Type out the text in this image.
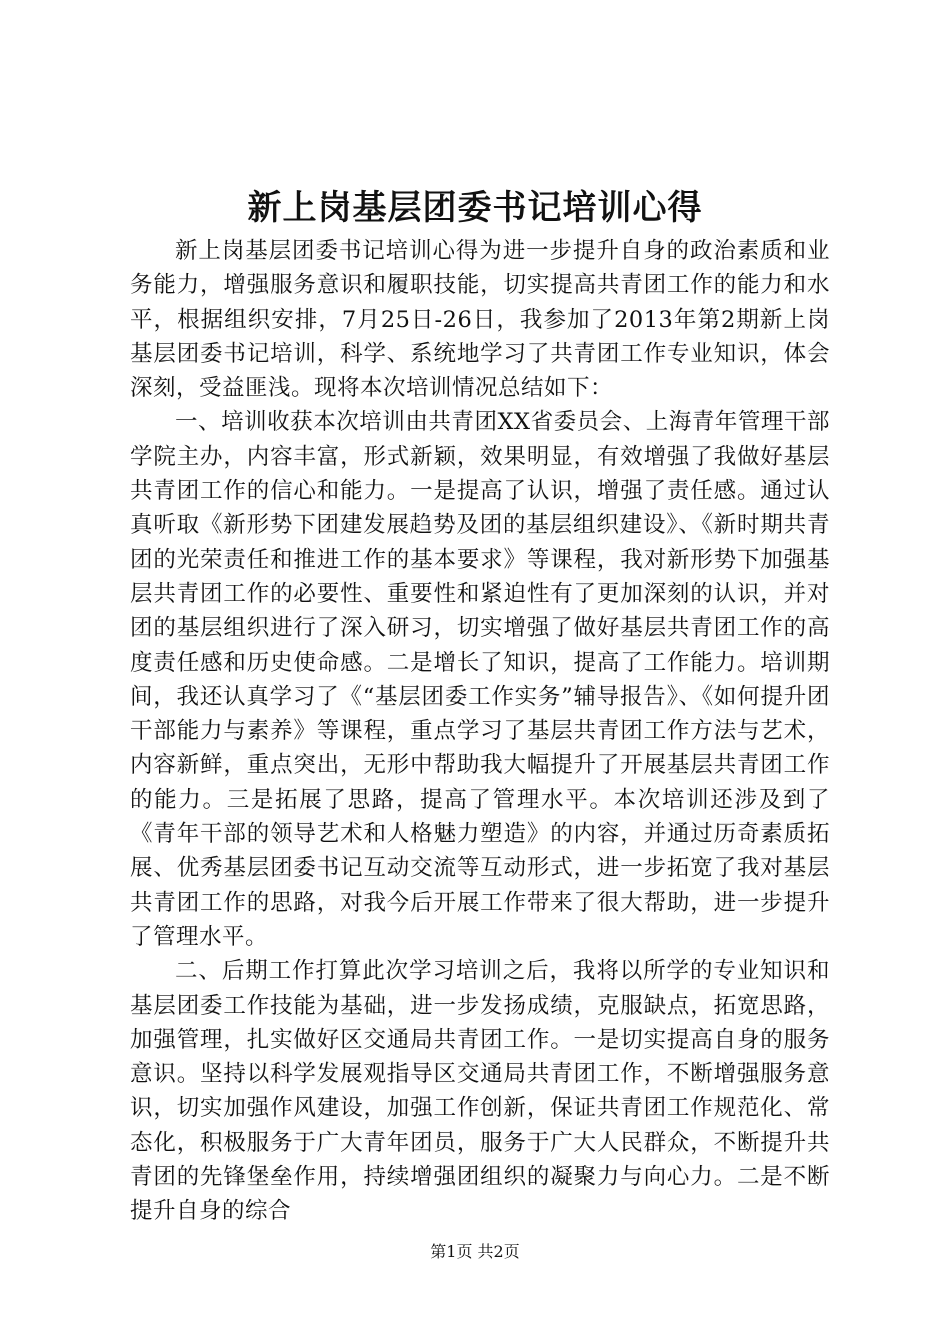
新上岗基层团委书记培训心得

新上岗基层团委书记培训心得为进一步提升自身的政治素质和业务能力，增强服务意识和履职技能，切实提高共青团工作的能力和水平，根据组织安排，7月25日-26日，我参加了2013年第2期新上岗基层团委书记培训，科学、系统地学习了共青团工作专业知识，体会深刻，受益匪浅。现将本次培训情况总结如下：

一、培训收获本次培训由共青团XX省委员会、上海青年管理干部学院主办，内容丰富，形式新颖，效果明显，有效增强了我做好基层共青团工作的信心和能力。一是提高了认识，增强了责任感。通过认真听取《新形势下团建发展趋势及团的基层组织建设》、《新时期共青团的光荣责任和推进工作的基本要求》等课程，我对新形势下加强基层共青团工作的必要性、重要性和紧迫性有了更加深刻的认识，并对团的基层组织进行了深入研习，切实增强了做好基层共青团工作的高度责任感和历史使命感。二是增长了知识，提高了工作能力。培训期间，我还认真学习了《“基层团委工作实务”辅导报告》、《如何提升团干部能力与素养》等课程，重点学习了基层共青团工作方法与艺术，内容新鲜，重点突出，无形中帮助我大幅提升了开展基层共青团工作的能力。三是拓展了思路，提高了管理水平。本次培训还涉及到了《青年干部的领导艺术和人格魅力塑造》的内容，并通过历奇素质拓展、优秀基层团委书记互动交流等互动形式，进一步拓宽了我对基层共青团工作的思路，对我今后开展工作带来了很大帮助，进一步提升了管理水平。

二、后期工作打算此次学习培训之后，我将以所学的专业知识和基层团委工作技能为基础，进一步发扬成绩，克服缺点，拓宽思路，加强管理，扎实做好区交通局共青团工作。一是切实提高自身的服务意识。坚持以科学发展观指导区交通局共青团工作，不断增强服务意识，切实加强作风建设，加强工作创新，保证共青团工作规范化、常态化，积极服务于广大青年团员，服务于广大人民群众，不断提升共青团的先锋堡垒作用，持续增强团组织的凝聚力与向心力。二是不断提升自身的综合

第1页 共2页
